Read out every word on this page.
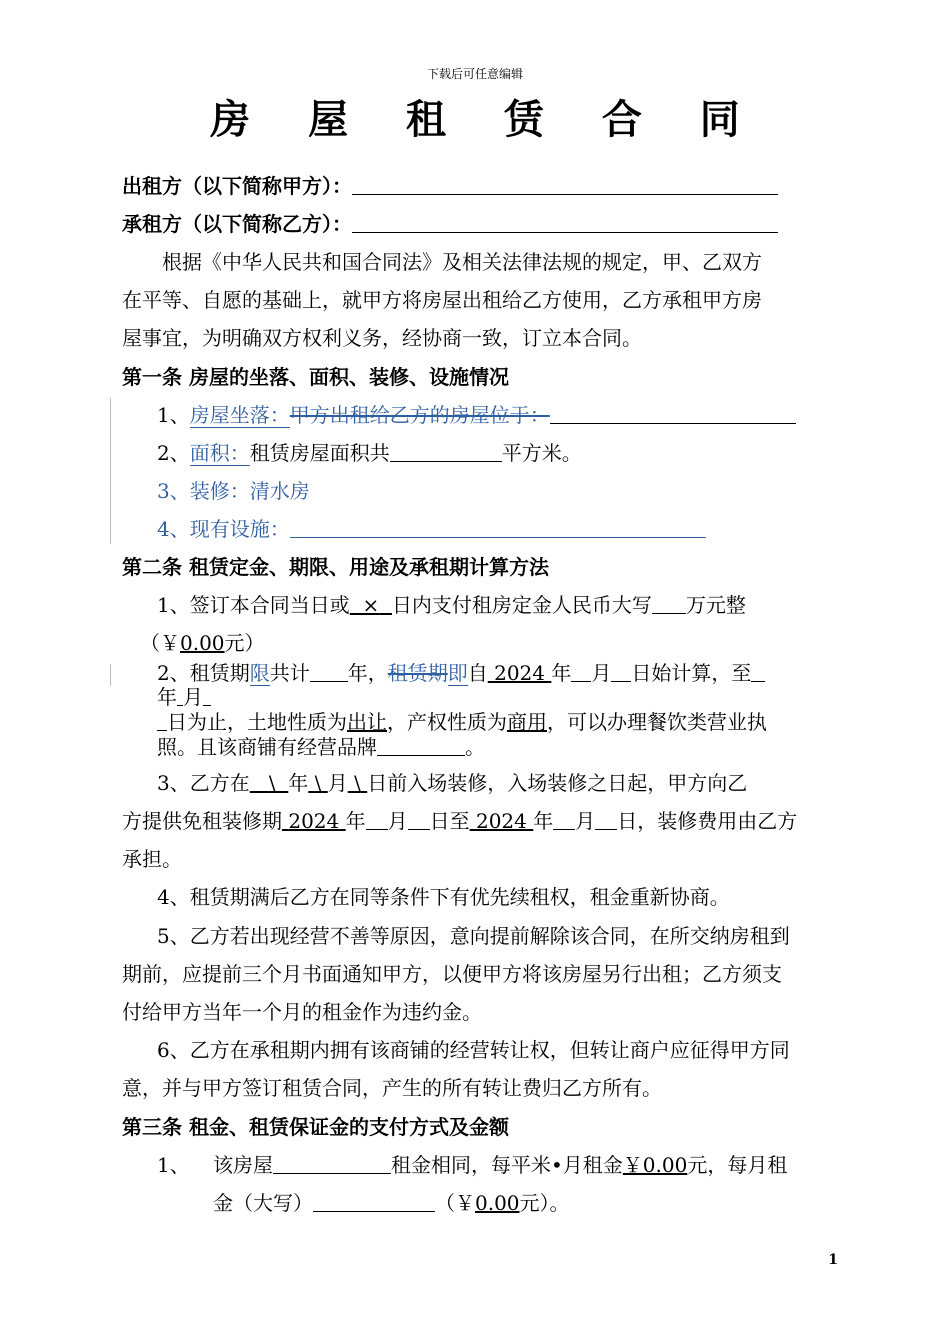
下载后可任意编辑
房 屋 租 赁 合 同
出租方（以下简称甲方）：
承租方（以下简称乙方）：
根据《中华人民共和国合同法》及相关法律法规的规定，甲、乙双方
在平等、自愿的基础上，就甲方将房屋出租给乙方使用，乙方承租甲方房
屋事宜，为明确双方权利义务，经协商一致，订立本合同。
第一条 房屋的坐落、面积、装修、设施情况
1、房屋坐落：甲方出租给乙方的房屋位于：
2、面积：租赁房屋面积共	平方米。
3、装修：清水房
4、现有设施：
第二条 租赁定金、期限、用途及承租期计算方法
1、签订本合同当日或 × 日内支付租房定金人民币大写 万元整
（￥0.00元）
2、租赁期限共计 年，租赁期即自 2024 年 月 日始计算，至
年 月
日为止，土地性质为出让，产权性质为商用，可以办理餐饮类营业执
照。且该商铺有经营品牌	。
3、乙方在 \ 年 \ 月 \ 日前入场装修，入场装修之日起，甲方向乙
方提供免租装修期 2024 年 月 日至 2024 年 月 日，装修费用由乙方
承担。
4、租赁期满后乙方在同等条件下有优先续租权，租金重新协商。
5、乙方若出现经营不善等原因，意向提前解除该合同，在所交纳房租到
期前，应提前三个月书面通知甲方，以便甲方将该房屋另行出租；乙方须支
付给甲方当年一个月的租金作为违约金。
6、乙方在承租期内拥有该商铺的经营转让权，但转让商户应征得甲方同
意，并与甲方签订租赁合同，产生的所有转让费归乙方所有。
第三条 租金、租赁保证金的支付方式及金额
1、 该房屋	租金相同，每平米•月租金￥0.00元，每月租
金（大写）	（￥0.00元）。
1
